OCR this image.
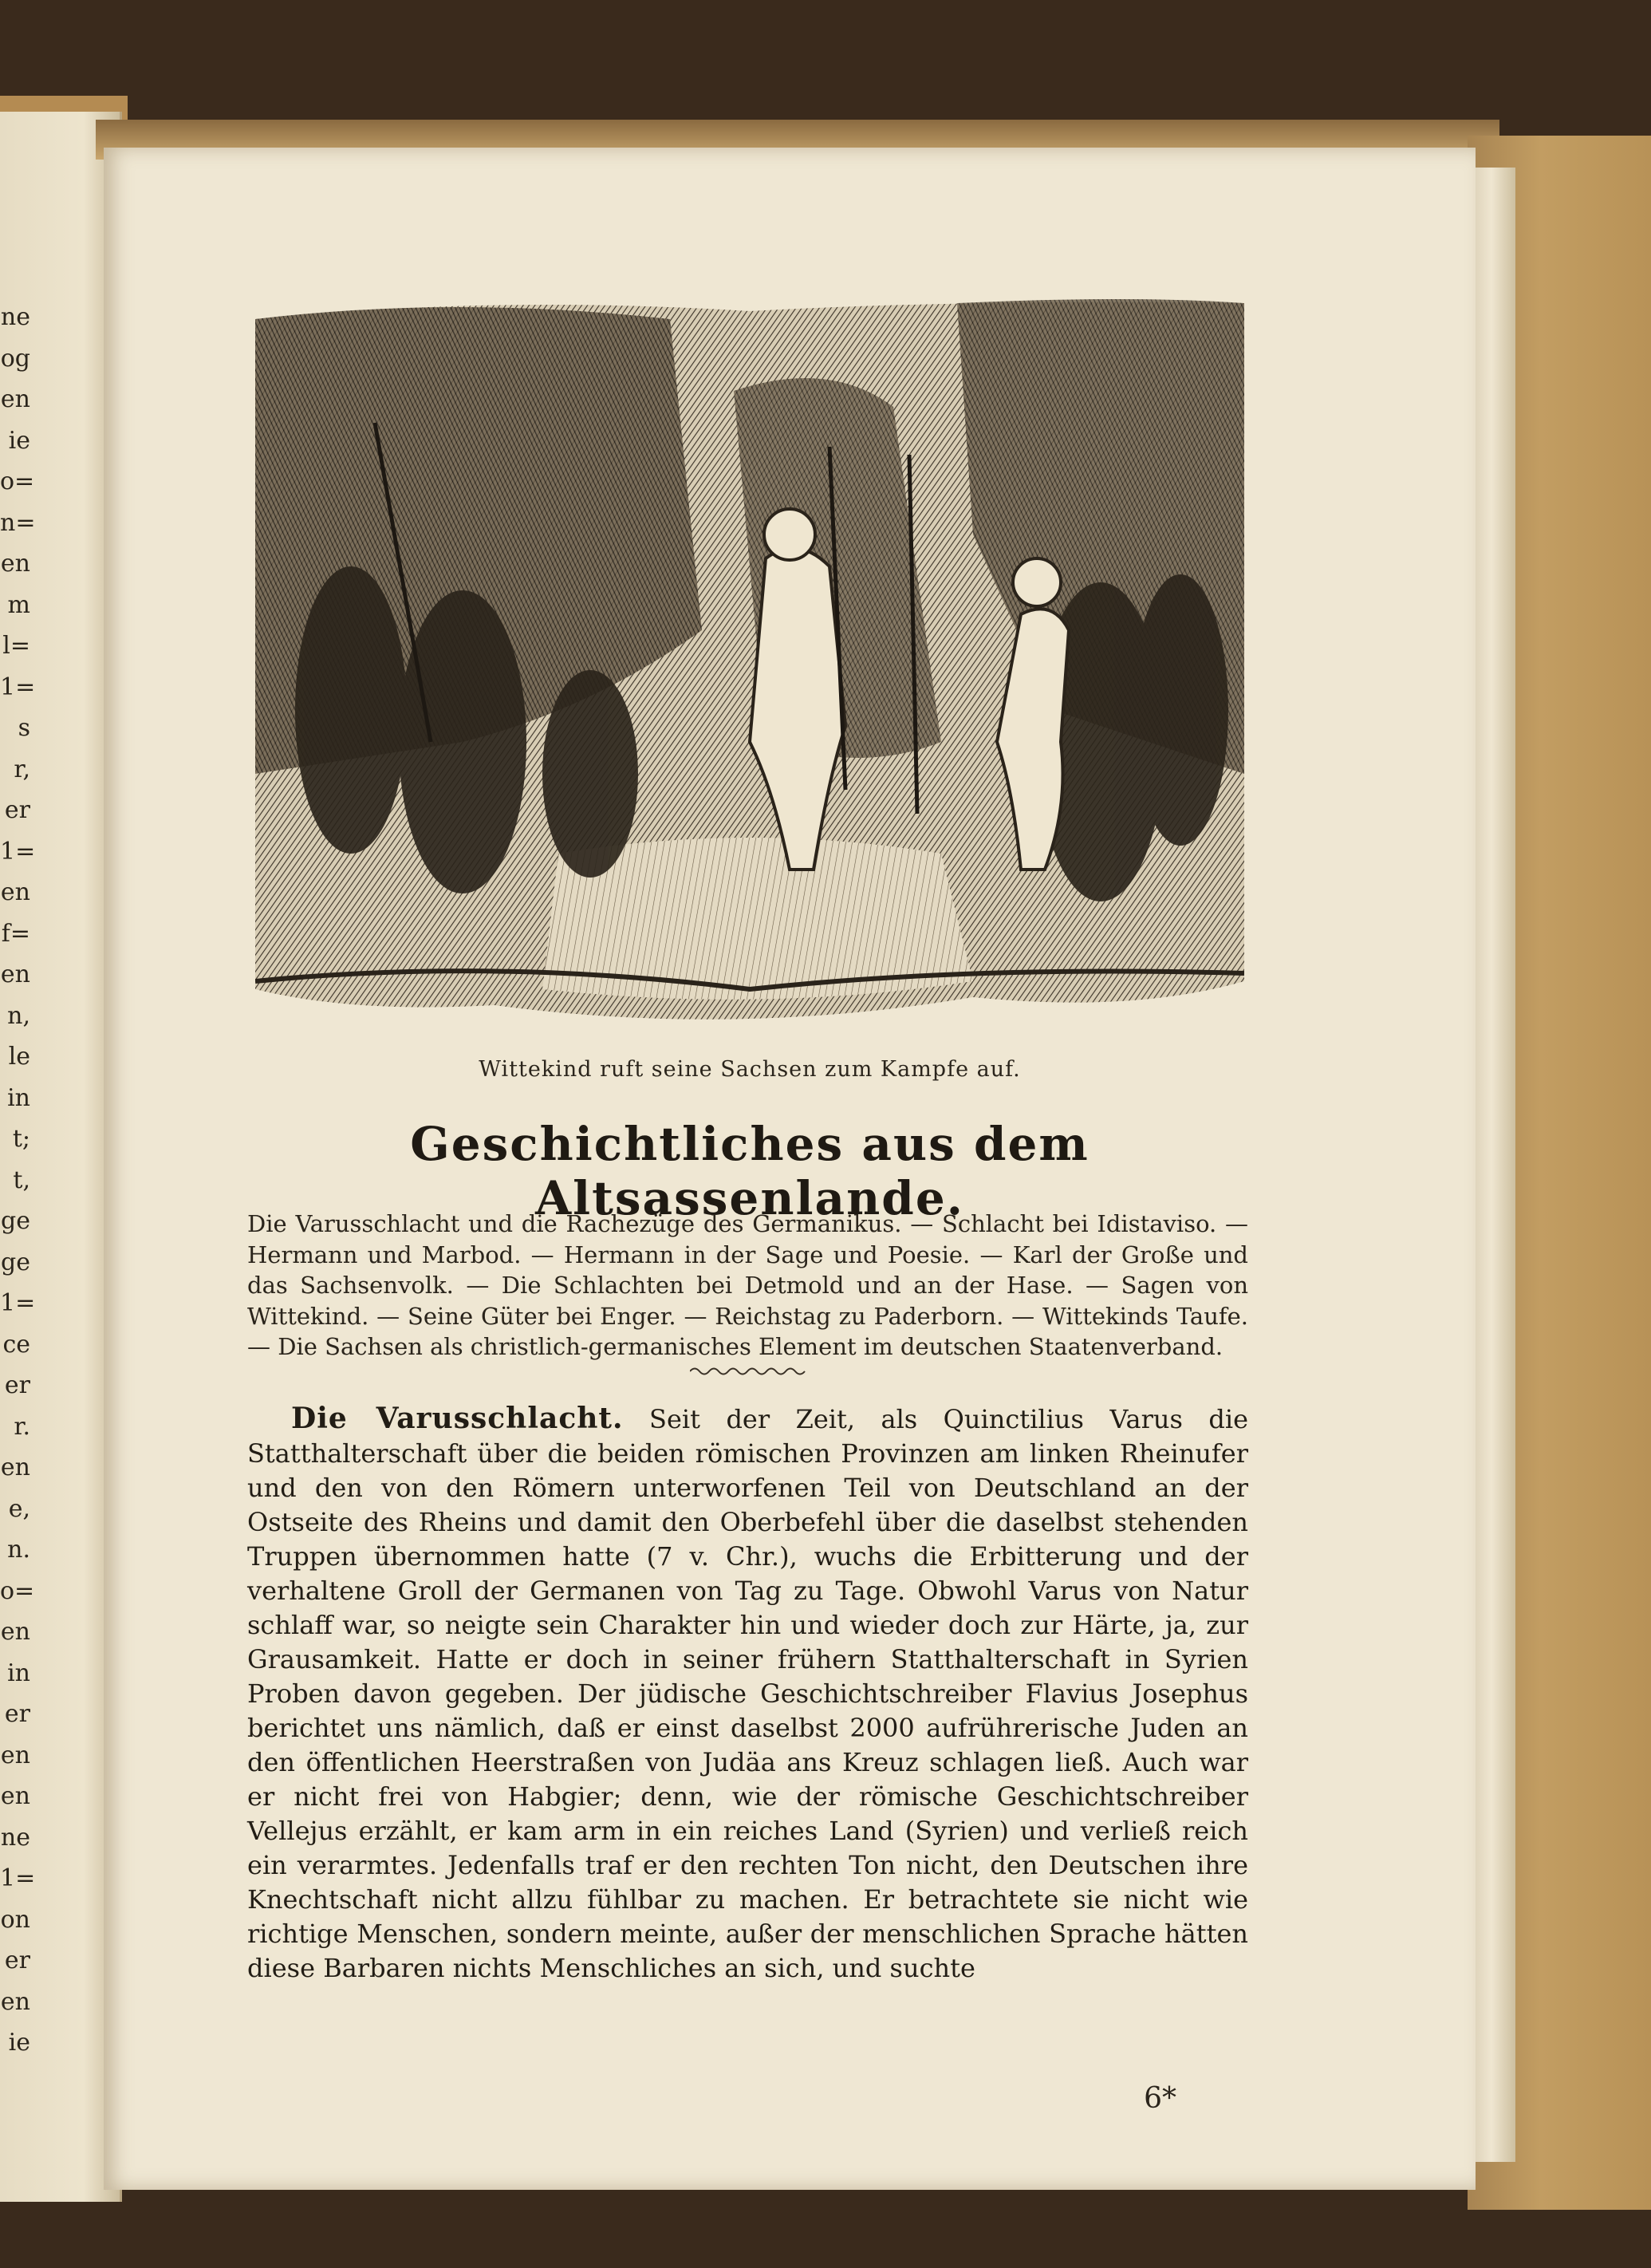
ne
og
en
ie
o=
n=
en
m
l=
1=
s
r,
er
1=
en
f=
en
n,
le
in
t;
t,
ge
ge
1=
ce
er
r.
en
e,
n.
o=
en
in
er
en
en
ne
1=
on
er
en
ie
Wittekind ruft seine Sachsen zum Kampfe auf.
Geschichtliches aus dem Altsassenlande.
Die Varusschlacht und die Rachezüge des Germanikus. — Schlacht bei Idistaviso. — Hermann und Marbod. — Hermann in der Sage und Poesie. — Karl der Große und das Sachsenvolk. — Die Schlachten bei Detmold und an der Hase. — Sagen von Wittekind. — Seine Güter bei Enger. — Reichstag zu Paderborn. — Wittekinds Taufe. — Die Sachsen als christlich-germanisches Element im deutschen Staatenverband.
Die Varusschlacht. Seit der Zeit, als Quinctilius Varus die Statthalterschaft über die beiden römischen Provinzen am linken Rheinufer und den von den Römern unterworfenen Teil von Deutschland an der Ostseite des Rheins und damit den Oberbefehl über die daselbst stehenden Truppen übernommen hatte (7 v. Chr.), wuchs die Erbitterung und der verhaltene Groll der Germanen von Tag zu Tage. Obwohl Varus von Natur schlaff war, so neigte sein Charakter hin und wieder doch zur Härte, ja, zur Grausamkeit. Hatte er doch in seiner frühern Statthalterschaft in Syrien Proben davon gegeben. Der jüdische Geschichtschreiber Flavius Josephus berichtet uns nämlich, daß er einst daselbst 2000 aufrührerische Juden an den öffentlichen Heerstraßen von Judäa ans Kreuz schlagen ließ. Auch war er nicht frei von Habgier; denn, wie der römische Geschichtschreiber Vellejus erzählt, er kam arm in ein reiches Land (Syrien) und verließ reich ein verarmtes. Jedenfalls traf er den rechten Ton nicht, den Deutschen ihre Knechtschaft nicht allzu fühlbar zu machen. Er betrachtete sie nicht wie richtige Menschen, sondern meinte, außer der menschlichen Sprache hätten diese Barbaren nichts Menschliches an sich, und suchte
6*
